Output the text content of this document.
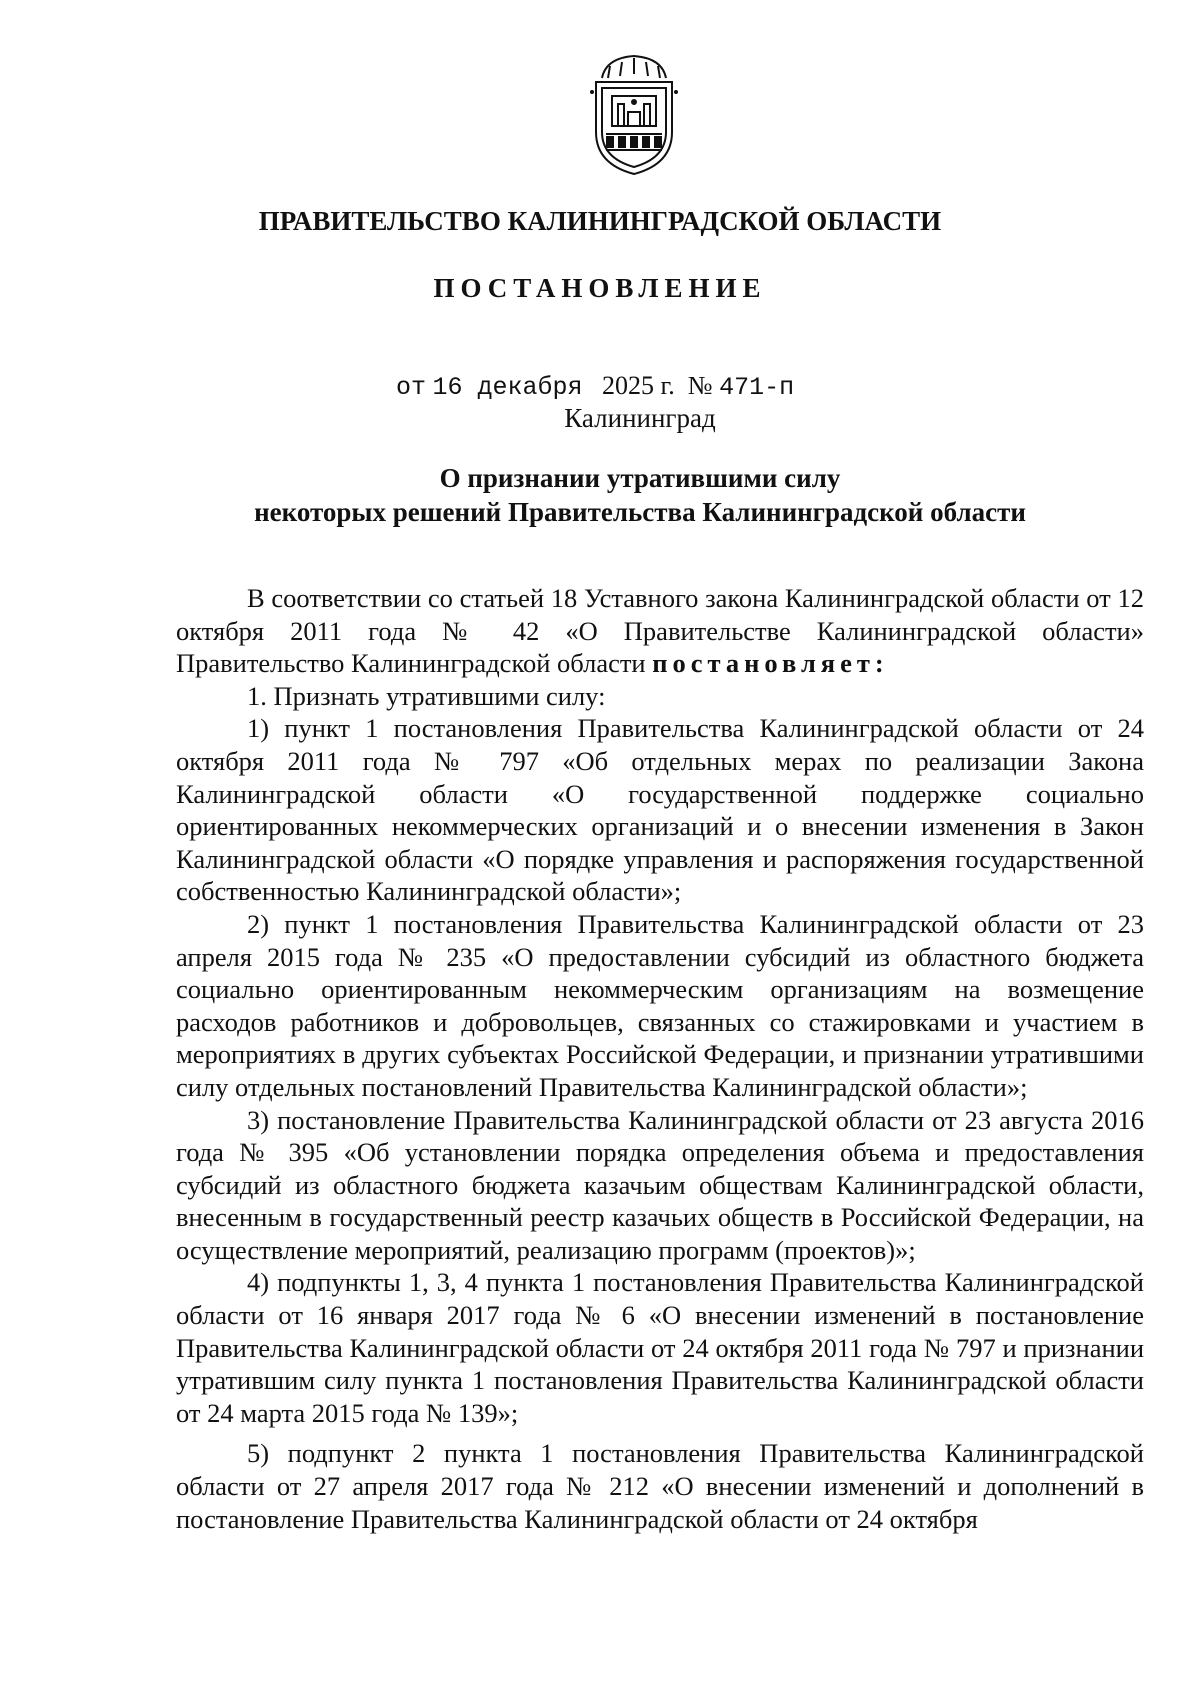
ПРАВИТЕЛЬСТВО КАЛИНИНГРАДСКОЙ ОБЛАСТИ
ПОСТАНОВЛЕНИЕ
от 16 декабря 2025 г. № 471-п
Калининград
О признании утратившими силу
некоторых решений Правительства Калининградской области

В соответствии со статьей 18 Уставного закона Калининградской области от 12 октября 2011 года № 42 «О Правительстве Калининградской области» Правительство Калининградской области постановляет:

1. Признать утратившими силу:

1) пункт 1 постановления Правительства Калининградской области от 24 октября 2011 года № 797 «Об отдельных мерах по реализации Закона Калининградской области «О государственной поддержке социально ориентированных некоммерческих организаций и о внесении изменения в Закон Калининградской области «О порядке управления и распоряжения государственной собственностью Калининградской области»;

2) пункт 1 постановления Правительства Калининградской области от 23 апреля 2015 года № 235 «О предоставлении субсидий из областного бюджета социально ориентированным некоммерческим организациям на возмещение расходов работников и добровольцев, связанных со стажировками и участием в мероприятиях в других субъектах Российской Федерации, и признании утратившими силу отдельных постановлений Правительства Калининградской области»;

3) постановление Правительства Калининградской области от 23 августа 2016 года № 395 «Об установлении порядка определения объема и предоставления субсидий из областного бюджета казачьим обществам Калининградской области, внесенным в государственный реестр казачьих обществ в Российской Федерации, на осуществление мероприятий, реализацию программ (проектов)»;

4) подпункты 1, 3, 4 пункта 1 постановления Правительства Калининградской области от 16 января 2017 года № 6 «О внесении изменений в постановление Правительства Калининградской области от 24 октября 2011 года № 797 и признании утратившим силу пункта 1 постановления Правительства Калининградской области от 24 марта 2015 года № 139»;

5) подпункт 2 пункта 1 постановления Правительства Калининградской области от 27 апреля 2017 года № 212 «О внесении изменений и дополнений в постановление Правительства Калининградской области от 24 октября
